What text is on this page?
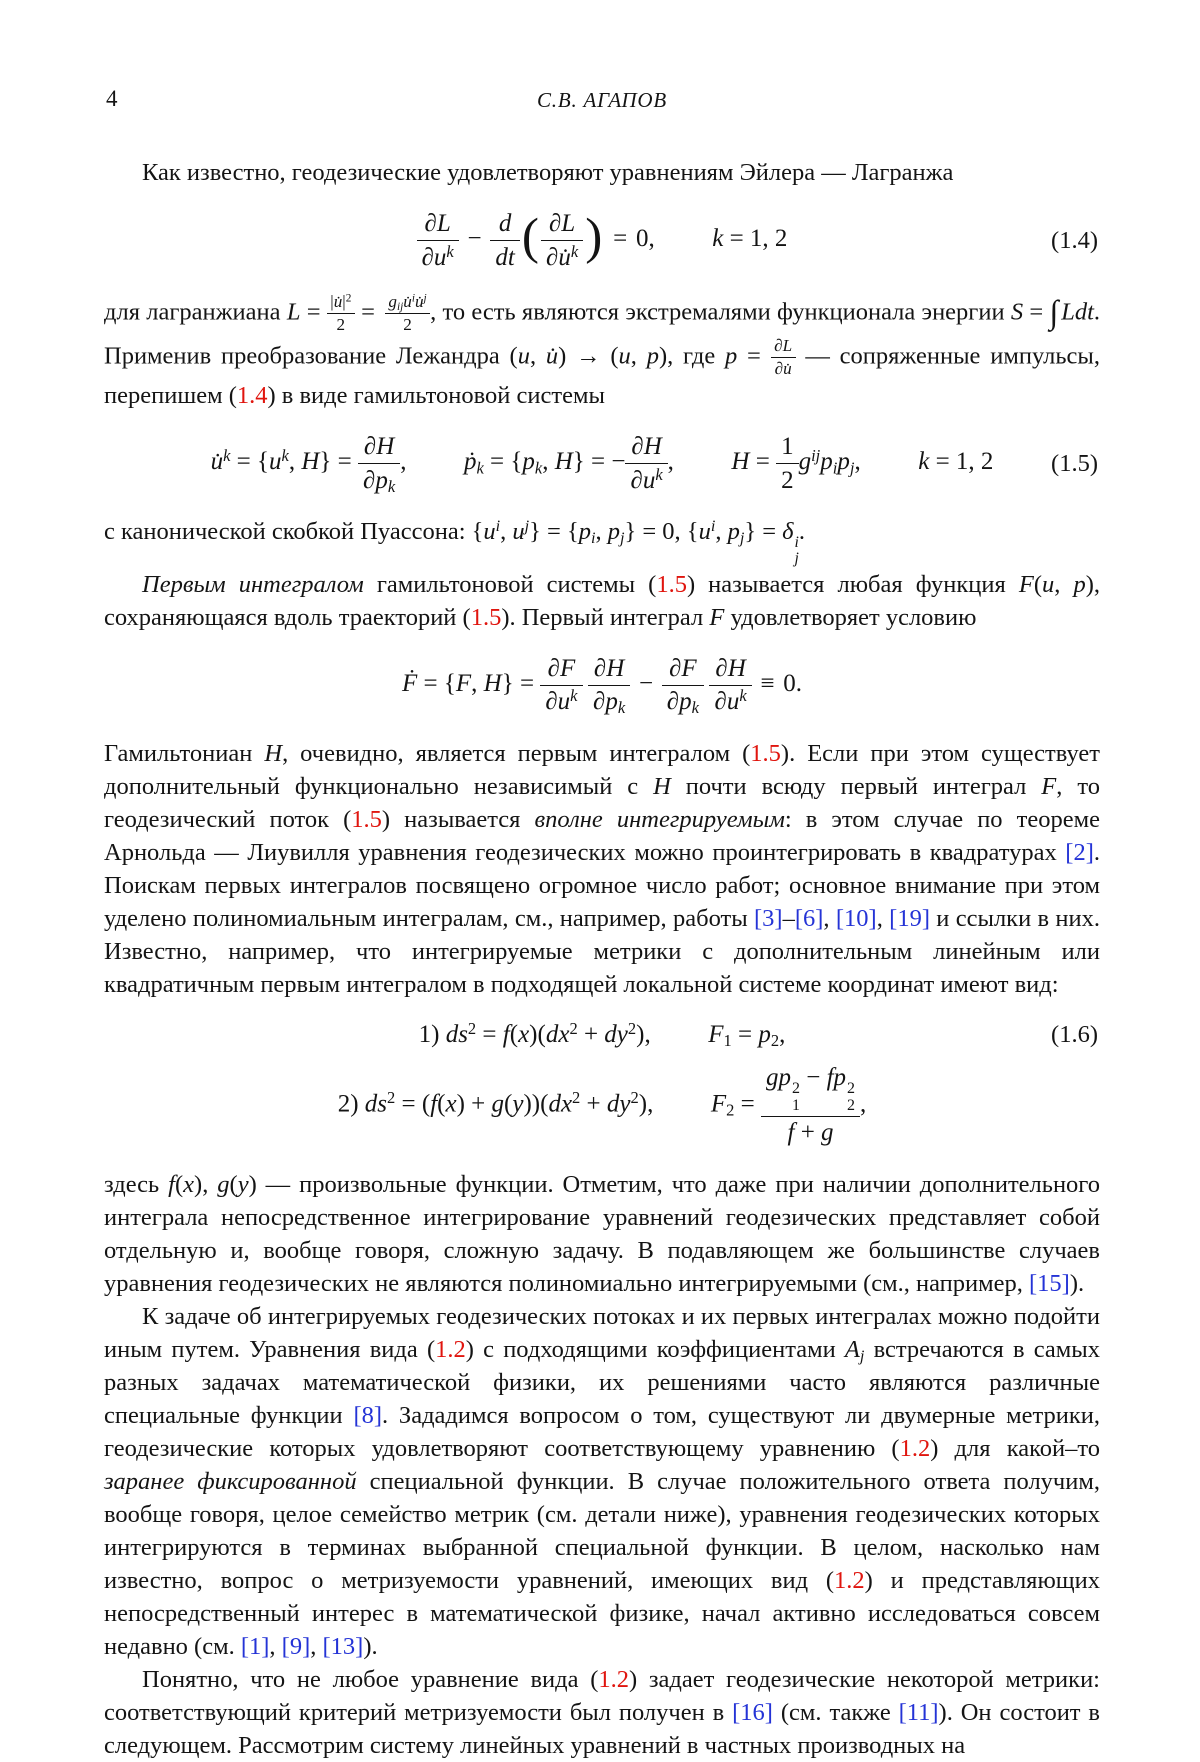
4	С.В. АГАПОВ

Как известно, геодезические удовлетворяют уравнениям Эйлера — Лагранжа

$\frac{\partial L}{\partial u^k} - \frac{d}{dt}$ ( $\frac{\partial L}{\partial u̇^k}$ ) = 0, k = 1, 2	(1.4)

для лагранжиана $L = \frac{|u̇|^2}{2}$ = $g_{ij}u̇^iu̇^j$
2 , то есть являются экстремалями функционала энергии S = ∫ Ldt. Применив преобразование Лежандра (u, u̇) → (u, p), где $p = \frac{\partial L}{\partial u̇}$ — сопряженные импульсы, перепишем (1.4) в виде гамильтоновой системы

u̇$^k$ = {$u^k$, $H\} = \frac{\partial H}{\partial p_k}$ , ṗ$_k$ = {$p_k$, H} = − $\frac{\partial H}{\partial u^k}$ , $H = \frac{1}{2} g^{ij}p_ip_j$, k = 1, 2 (1.5)

с канонической скобкой Пуассона: {$u^i$, $u^j\} = \{p_i$, $p_j\} = 0$, {$u^i$, $p_j\} = \delta$ i
j
.

Первым интегралом гамильтоновой системы (1.5) называется любая функция F(u, p), сохраняющаяся вдоль траекторий (1.5). Первый интеграл F удовлетворяет условию

Ḟ = {F, $H\} = \frac{\partial F}{\partial u^k} \frac{\partial H}{\partial p_k} - \frac{\partial F}{\partial p_k} \frac{\partial H}{\partial u^k} \equiv 0$.

Гамильтониан H, очевидно, является первым интегралом (1.5). Если при этом существует дополнительный функционально независимый с H почти всюду первый интеграл F, то геодезический поток (1.5) называется вполне интегрируемым: в этом случае по теореме Арнольда — Лиувилля уравнения геодезических можно проинтегрировать в квадратурах [2]. Поискам первых интегралов посвящено огромное число работ; основное внимание при этом уделено полиномиальным интегралам, см., например, работы [3]–[6], [10], [19] и ссылки в них. Известно, например, что интегрируемые метрики с дополнительным линейным или квадратичным первым интегралом в подходящей локальной системе координат имеют вид:

1) $ds^2 = f(x)(dx^2 + dy^2)$, $F_1 = p_2$,	(1.6)
2) $ds^2 = (f(x) + g(y))(dx^2 + dy^2)$, $F_2$ = gp 2
1
− fp 2
2
f + g ,

здесь f(x), g(y) — произвольные функции. Отметим, что даже при наличии дополнительного интеграла непосредственное интегрирование уравнений геодезических представляет собой отдельную и, вообще говоря, сложную задачу. В подавляющем же большинстве случаев уравнения геодезических не являются полиномиально интегрируемыми (см., например, [15]).

К задаче об интегрируемых геодезических потоках и их первых интегралах можно подойти иным путем. Уравнения вида (1.2) с подходящими коэффициентами $A_j$ встречаются в самых разных задачах математической физики, их решениями часто являются различные специальные функции [8]. Зададимся вопросом о том, существуют ли двумерные метрики, геодезические которых удовлетворяют соответствующему уравнению (1.2) для какой–то заранее фиксированной специальной функции. В случае положительного ответа получим, вообще говоря, целое семейство метрик (см. детали ниже), уравнения геодезических которых интегрируются в терминах выбранной специальной функции. В целом, насколько нам известно, вопрос о метризуемости уравнений, имеющих вид (1.2) и представляющих непосредственный интерес в математической физике, начал активно исследоваться совсем недавно (см. [1], [9], [13]).

Понятно, что не любое уравнение вида (1.2) задает геодезические некоторой метрики: соответствующий критерий метризуемости был получен в [16] (см. также [11]). Он состоит в следующем. Рассмотрим систему линейных уравнений в частных производных на
